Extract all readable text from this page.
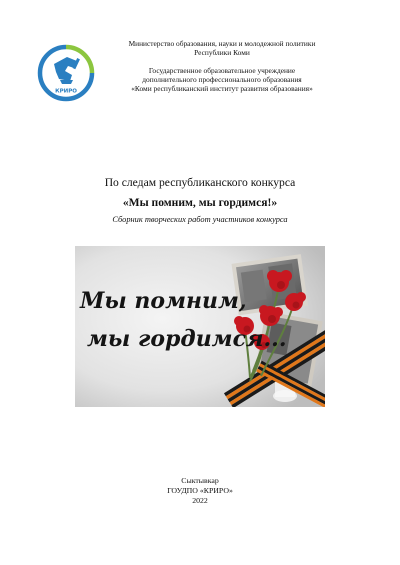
КРИРО
Министерство образования, науки и молодежной политики
Республики Коми
Государственное образовательное учреждение
дополнительного профессионального образования
«Коми республиканский институт развития образования»
По следам республиканского конкурса
«Мы помним, мы гордимся!»
Сборник творческих работ участников конкурса
Мы помним,
мы гордимся...
Сыктывкар
ГОУДПО «КРИРО»
2022
